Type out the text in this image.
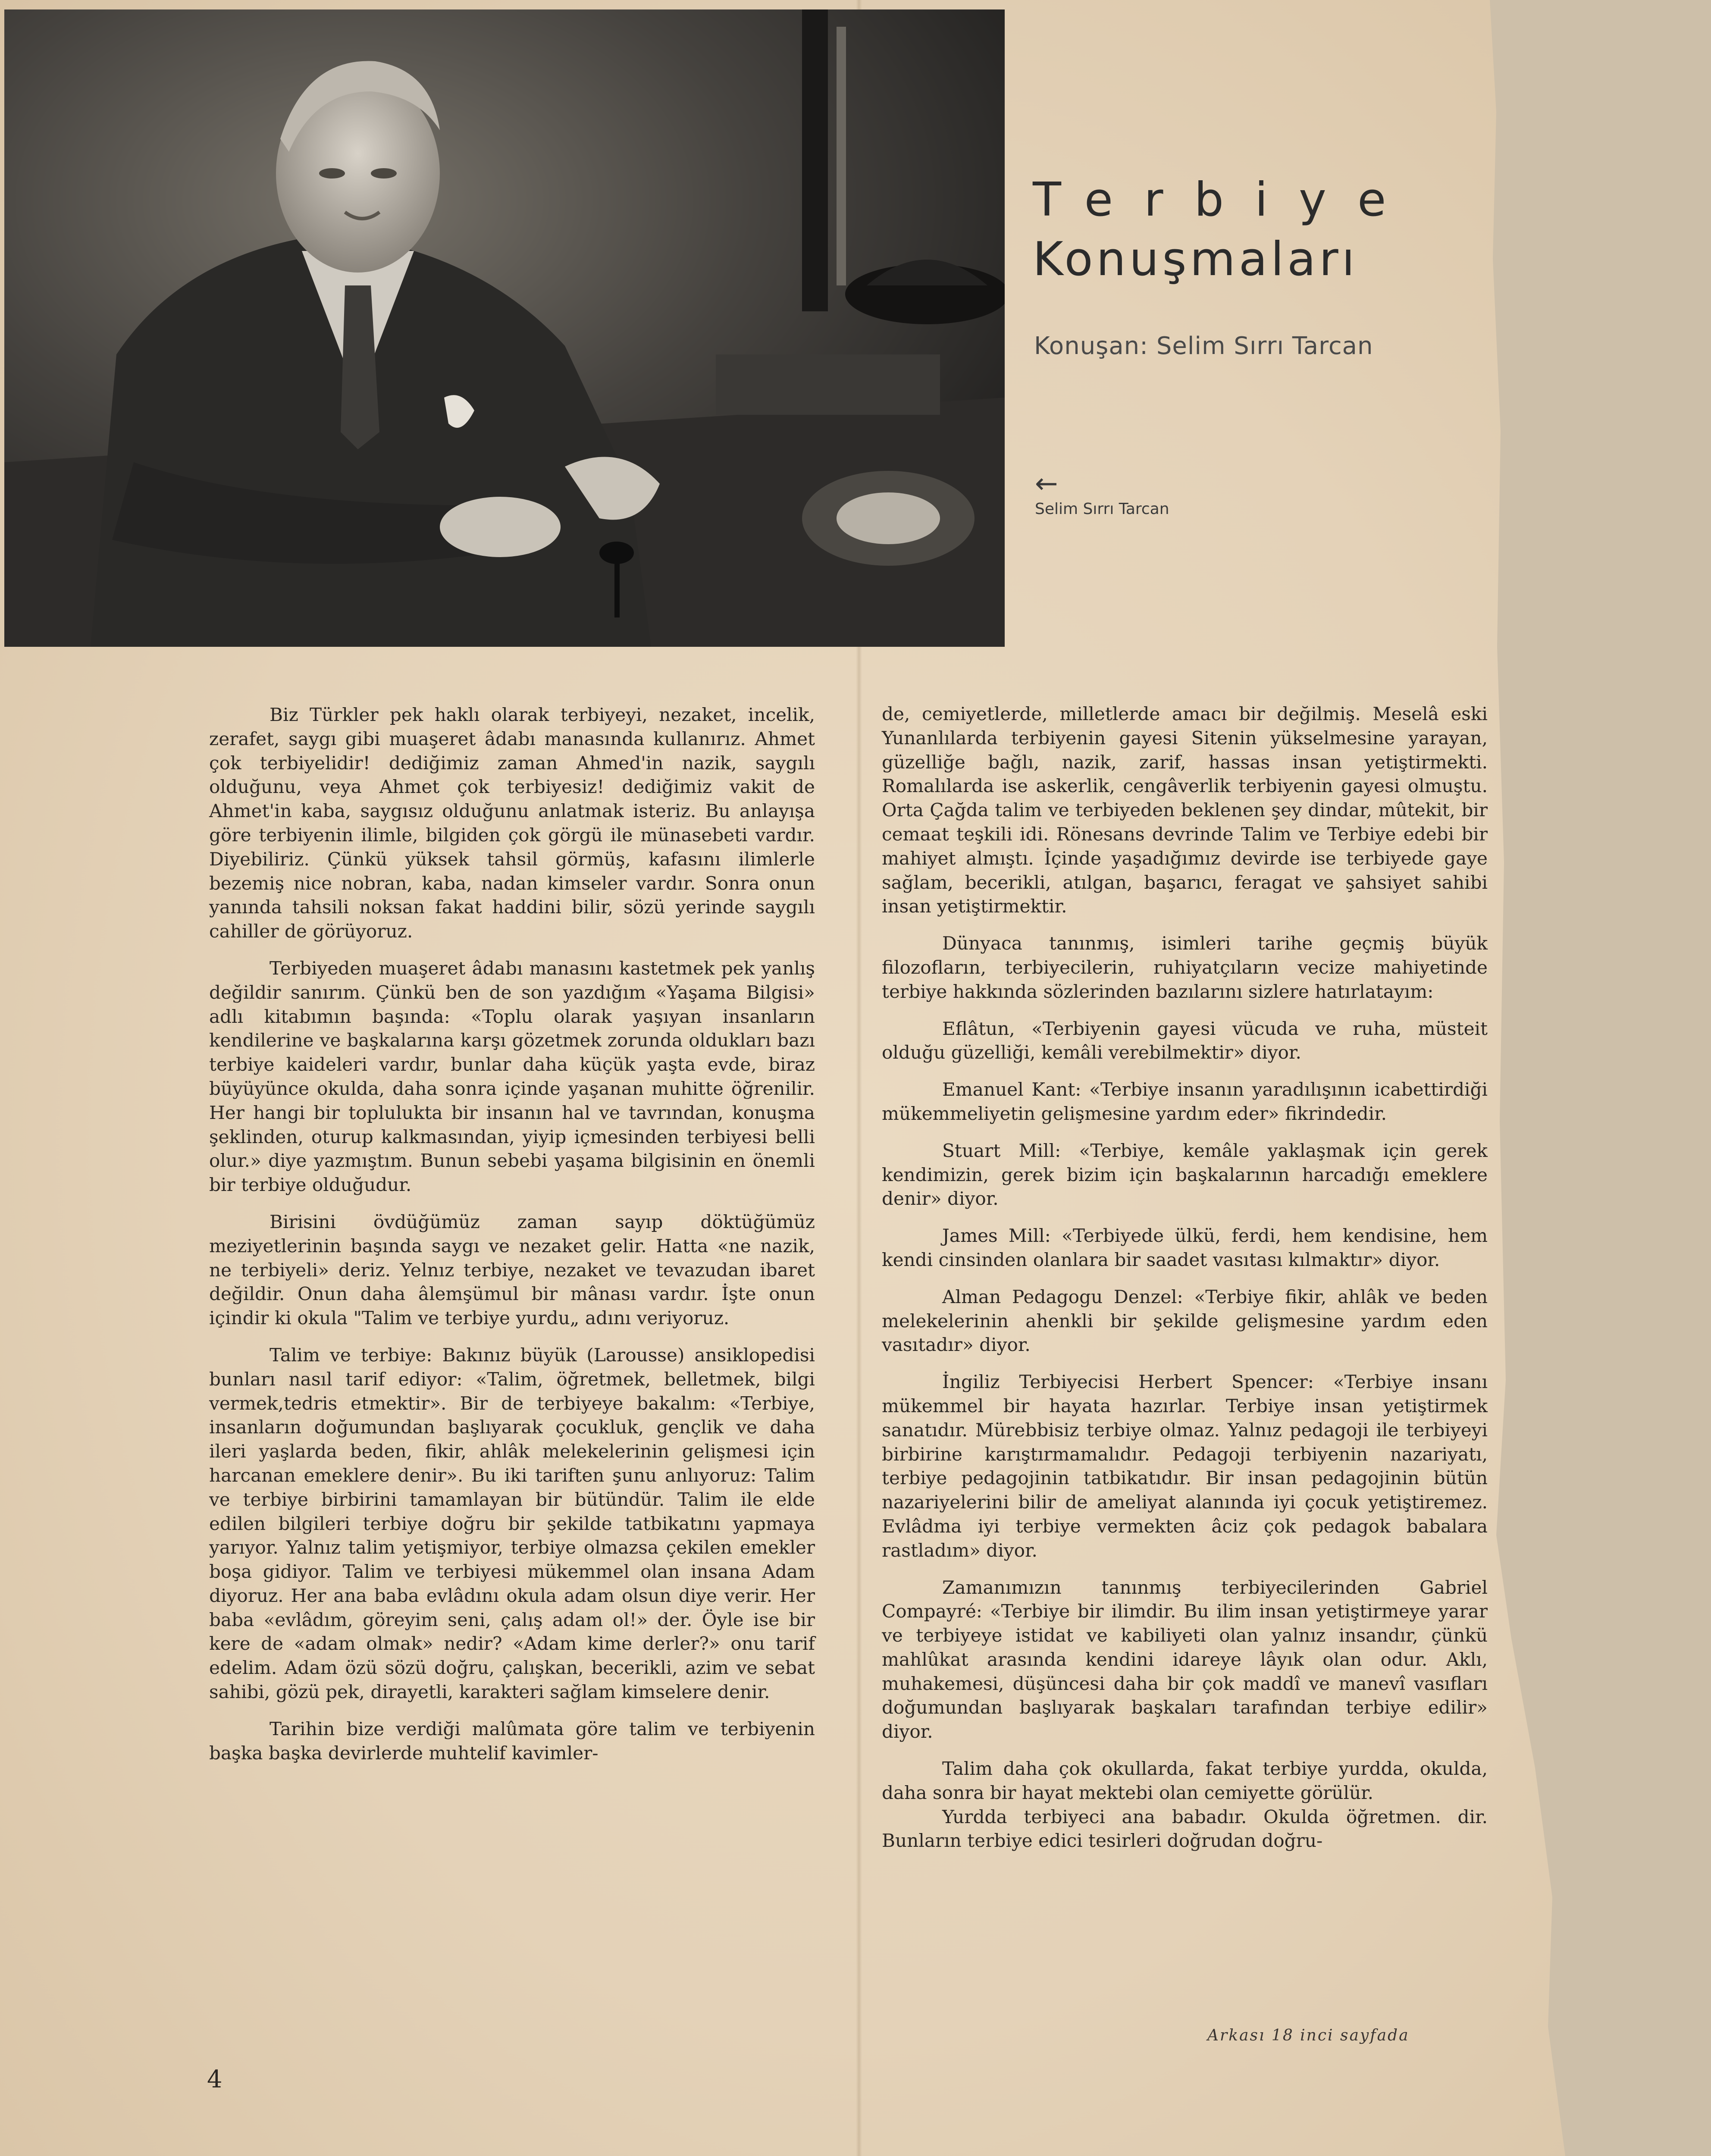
Terbiye
Konuşmaları
Konuşan: Selim Sırrı Tarcan
←
Selim Sırrı Tarcan

Biz Türkler pek haklı olarak terbiyeyi, nezaket, incelik, zerafet, saygı gibi muaşeret âdabı manasında kullanırız. Ahmet çok terbiyelidir! dediğimiz zaman Ahmed'in nazik, saygılı olduğunu, veya Ahmet çok terbiyesiz! dediğimiz vakit de Ahmet'in kaba, saygısız olduğunu anlatmak isteriz. Bu anlayışa göre terbiyenin ilimle, bilgiden çok görgü ile münasebeti vardır. Diyebiliriz. Çünkü yüksek tahsil görmüş, kafasını ilimlerle bezemiş nice nobran, kaba, nadan kimseler vardır. Sonra onun yanında tahsili noksan fakat haddini bilir, sözü yerinde saygılı cahiller de görüyoruz.

Terbiyeden muaşeret âdabı manasını kastetmek pek yanlış değildir sanırım. Çünkü ben de son yazdığım «Yaşama Bilgisi» adlı kitabımın başında: «Toplu olarak yaşıyan insanların kendilerine ve başkalarına karşı gözetmek zorunda oldukları bazı terbiye kaideleri vardır, bunlar daha küçük yaşta evde, biraz büyüyünce okulda, daha sonra içinde yaşanan muhitte öğrenilir. Her hangi bir toplulukta bir insanın hal ve tavrından, konuşma şeklinden, oturup kalkmasından, yiyip içmesinden terbiyesi belli olur.» diye yazmıştım. Bunun sebebi yaşama bilgisinin en önemli bir terbiye olduğudur.

Birisini övdüğümüz zaman sayıp döktüğümüz meziyetlerinin başında saygı ve nezaket gelir. Hatta «ne nazik, ne terbiyeli» deriz. Yelnız terbiye, nezaket ve tevazudan ibaret değildir. Onun daha âlemşümul bir mânası vardır. İşte onun içindir ki okula "Talim ve terbiye yurdu„ adını veriyoruz.

Talim ve terbiye: Bakınız büyük (Larousse) ansiklopedisi bunları nasıl tarif ediyor: «Talim, öğretmek, belletmek, bilgi vermek,tedris etmektir». Bir de terbiyeye bakalım: «Terbiye, insanların doğumundan başlıyarak çocukluk, gençlik ve daha ileri yaşlarda beden, fikir, ahlâk melekelerinin gelişmesi için harcanan emeklere denir». Bu iki tariften şunu anlıyoruz: Talim ve terbiye birbirini tamamlayan bir bütündür. Talim ile elde edilen bilgileri terbiye doğru bir şekilde tatbikatını yapmaya yarıyor. Yalnız talim yetişmiyor, terbiye olmazsa çekilen emekler boşa gidiyor. Talim ve terbiyesi mükemmel olan insana Adam diyoruz. Her ana baba evlâdını okula adam olsun diye verir. Her baba «evlâdım, göreyim seni, çalış adam ol!» der. Öyle ise bir kere de «adam olmak» nedir? «Adam kime derler?» onu tarif edelim. Adam özü sözü doğru, çalışkan, becerikli, azim ve sebat sahibi, gözü pek, dirayetli, karakteri sağlam kimselere denir.

Tarihin bize verdiği malûmata göre talim ve terbiyenin başka başka devirlerde muhtelif kavimler-

de, cemiyetlerde, milletlerde amacı bir değilmiş. Meselâ eski Yunanlılarda terbiyenin gayesi Sitenin yükselmesine yarayan, güzelliğe bağlı, nazik, zarif, hassas insan yetiştirmekti. Romalılarda ise askerlik, cengâverlik terbiyenin gayesi olmuştu. Orta Çağda talim ve terbiyeden beklenen şey dindar, mûtekit, bir cemaat teşkili idi. Rönesans devrinde Talim ve Terbiye edebi bir mahiyet almıştı. İçinde yaşadığımız devirde ise terbiyede gaye sağlam, becerikli, atılgan, başarıcı, feragat ve şahsiyet sahibi insan yetiştirmektir.

Dünyaca tanınmış, isimleri tarihe geçmiş büyük filozofların, terbiyecilerin, ruhiyatçıların vecize mahiyetinde terbiye hakkında sözlerinden bazılarını sizlere hatırlatayım:

Eflâtun, «Terbiyenin gayesi vücuda ve ruha, müsteit olduğu güzelliği, kemâli verebilmektir» diyor.

Emanuel Kant: «Terbiye insanın yaradılışının icabettirdiği mükemmeliyetin gelişmesine yardım eder» fikrindedir.

Stuart Mill: «Terbiye, kemâle yaklaşmak için gerek kendimizin, gerek bizim için başkalarının harcadığı emeklere denir» diyor.

James Mill: «Terbiyede ülkü, ferdi, hem kendisine, hem kendi cinsinden olanlara bir saadet vasıtası kılmaktır» diyor.

Alman Pedagogu Denzel: «Terbiye fikir, ahlâk ve beden melekelerinin ahenkli bir şekilde gelişmesine yardım eden vasıtadır» diyor.

İngiliz Terbiyecisi Herbert Spencer: «Terbiye insanı mükemmel bir hayata hazırlar. Terbiye insan yetiştirmek sanatıdır. Mürebbisiz terbiye olmaz. Yalnız pedagoji ile terbiyeyi birbirine karıştırmamalıdır. Pedagoji terbiyenin nazariyatı, terbiye pedagojinin tatbikatıdır. Bir insan pedagojinin bütün nazariyelerini bilir de ameliyat alanında iyi çocuk yetiştiremez. Evlâdma iyi terbiye vermekten âciz çok pedagok babalara rastladım» diyor.

Zamanımızın tanınmış terbiyecilerinden Gabriel Compayré: «Terbiye bir ilimdir. Bu ilim insan yetiştirmeye yarar ve terbiyeye istidat ve kabiliyeti olan yalnız insandır, çünkü mahlûkat arasında kendini idareye lâyık olan odur. Aklı, muhakemesi, düşüncesi daha bir çok maddî ve manevî vasıfları doğumundan başlıyarak başkaları tarafından terbiye edilir» diyor.

Talim daha çok okullarda, fakat terbiye yurdda, okulda, daha sonra bir hayat mektebi olan cemiyette görülür.

Yurdda terbiyeci ana babadır. Okulda öğretmen. dir. Bunların terbiye edici tesirleri doğrudan doğru-

Arkası 18 inci sayfada
4
